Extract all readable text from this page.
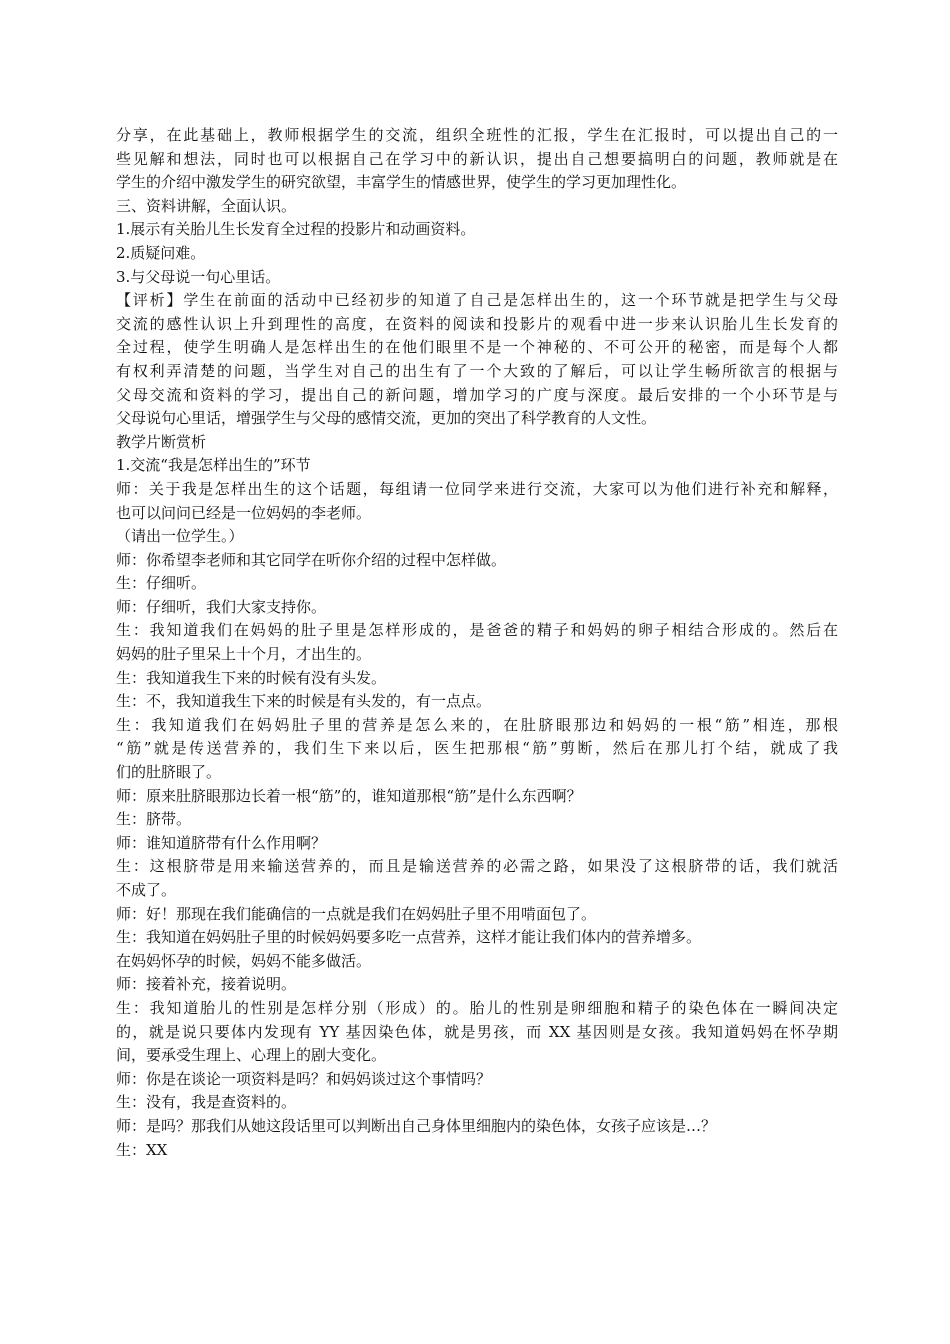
分享，在此基础上，教师根据学生的交流，组织全班性的汇报，学生在汇报时，可以提出自己的一
些见解和想法，同时也可以根据自己在学习中的新认识，提出自己想要搞明白的问题，教师就是在
学生的介绍中激发学生的研究欲望，丰富学生的情感世界，使学生的学习更加理性化。
三、资料讲解，全面认识。
1.展示有关胎儿生长发育全过程的投影片和动画资料。
2.质疑问难。
3.与父母说一句心里话。
【评析】学生在前面的活动中已经初步的知道了自己是怎样出生的，这一个环节就是把学生与父母
交流的感性认识上升到理性的高度，在资料的阅读和投影片的观看中进一步来认识胎儿生长发育的
全过程，使学生明确人是怎样出生的在他们眼里不是一个神秘的、不可公开的秘密，而是每个人都
有权利弄清楚的问题，当学生对自己的出生有了一个大致的了解后，可以让学生畅所欲言的根据与
父母交流和资料的学习，提出自己的新问题，增加学习的广度与深度。最后安排的一个小环节是与
父母说句心里话，增强学生与父母的感情交流，更加的突出了科学教育的人文性。
教学片断赏析
1.交流“我是怎样出生的”环节
师：关于我是怎样出生的这个话题，每组请一位同学来进行交流，大家可以为他们进行补充和解释，
也可以问问已经是一位妈妈的李老师。
（请出一位学生。）
师：你希望李老师和其它同学在听你介绍的过程中怎样做。
生：仔细听。
师：仔细听，我们大家支持你。
生：我知道我们在妈妈的肚子里是怎样形成的，是爸爸的精子和妈妈的卵子相结合形成的。然后在
妈妈的肚子里呆上十个月，才出生的。
生：我知道我生下来的时候有没有头发。
生：不，我知道我生下来的时候是有头发的，有一点点。
生：我知道我们在妈妈肚子里的营养是怎么来的，在肚脐眼那边和妈妈的一根“筋”相连，那根
“筋”就是传送营养的，我们生下来以后，医生把那根“筋”剪断，然后在那儿打个结，就成了我
们的肚脐眼了。
师：原来肚脐眼那边长着一根“筋”的，谁知道那根“筋”是什么东西啊？
生：脐带。
师：谁知道脐带有什么作用啊？
生：这根脐带是用来输送营养的，而且是输送营养的必需之路，如果没了这根脐带的话，我们就活
不成了。
师：好！那现在我们能确信的一点就是我们在妈妈肚子里不用啃面包了。
生：我知道在妈妈肚子里的时候妈妈要多吃一点营养，这样才能让我们体内的营养增多。
在妈妈怀孕的时候，妈妈不能多做活。
师：接着补充，接着说明。
生：我知道胎儿的性别是怎样分别（形成）的。胎儿的性别是卵细胞和精子的染色体在一瞬间决定
的，就是说只要体内发现有 YY 基因染色体，就是男孩，而 XX 基因则是女孩。我知道妈妈在怀孕期
间，要承受生理上、心理上的剧大变化。
师：你是在谈论一项资料是吗？和妈妈谈过这个事情吗？
生：没有，我是查资料的。
师：是吗？那我们从她这段话里可以判断出自己身体里细胞内的染色体，女孩子应该是…？
生：XX
